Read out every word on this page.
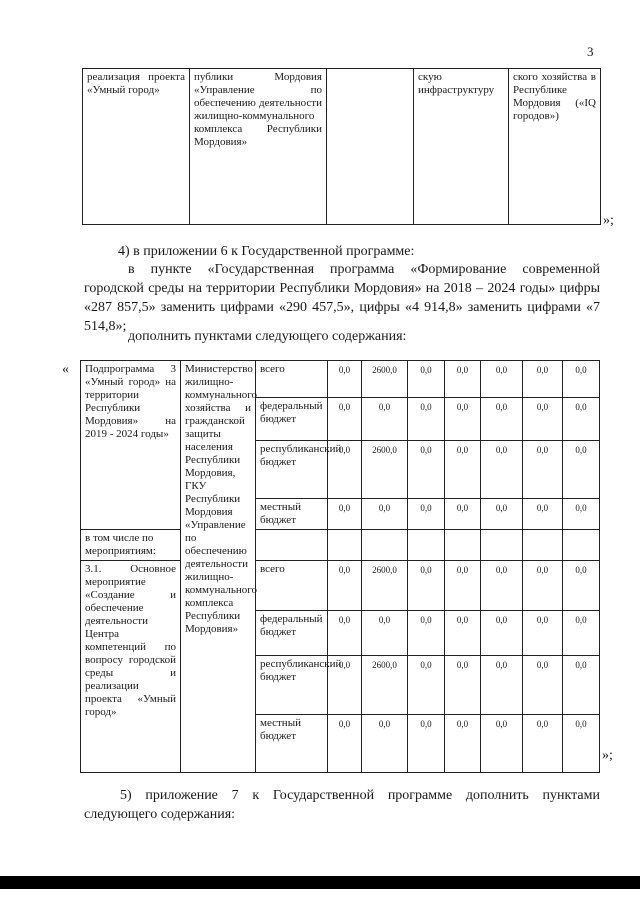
3
реализация проекта «Умный город»	публики Мордовия «Управление по обеспечению деятельности жилищно-коммунального комплекса Республики Мордовия»		скую инфраструктуру	ского хозяйства в Республике Мордовия («IQ городов»)
»;
4) в приложении 6 к Государственной программе:
в пункте «Государственная программа «Формирование современной городской среды на территории Республики Мордовия» на 2018 – 2024 годы» цифры «287 857,5» заменить цифрами «290 457,5», цифры «4 914,8» заменить цифрами «7 514,8»;
дополнить пунктами следующего содержания:
« Подпрограмма 3 «Умный город» на территории Республики Мордовия» на 2019 - 2024 годы»	Министерство жилищно-коммунального хозяйства и гражданской защиты населения Республики Мордовия, ГКУ Республики Мордовия «Управление по обеспечению деятельности жилищно-коммунального комплекса Республики Мордовия»	всего	0,0	2600,0	0,0	0,0	0,0	0,0	0,0
		федеральный бюджет	0,0	0,0	0,0	0,0	0,0	0,0	0,0
		республиканский бюджет	0,0	2600,0	0,0	0,0	0,0	0,0	0,0
		местный бюджет	0,0	0,0	0,0	0,0	0,0	0,0	0,0
в том числе по мероприятиям:									
3.1. Основное мероприятие «Создание и обеспечение деятельности Центра компетенций по вопросу городской среды и реализации проекта «Умный город»		всего	0,0	2600,0	0,0	0,0	0,0	0,0	0,0
		федеральный бюджет	0,0	0,0	0,0	0,0	0,0	0,0	0,0
		республиканский бюджет	0,0	2600,0	0,0	0,0	0,0	0,0	0,0
		местный бюджет	0,0	0,0	0,0	0,0	0,0	0,0	0,0
»;
5) приложение 7 к Государственной программе дополнить пунктами следующего содержания:
